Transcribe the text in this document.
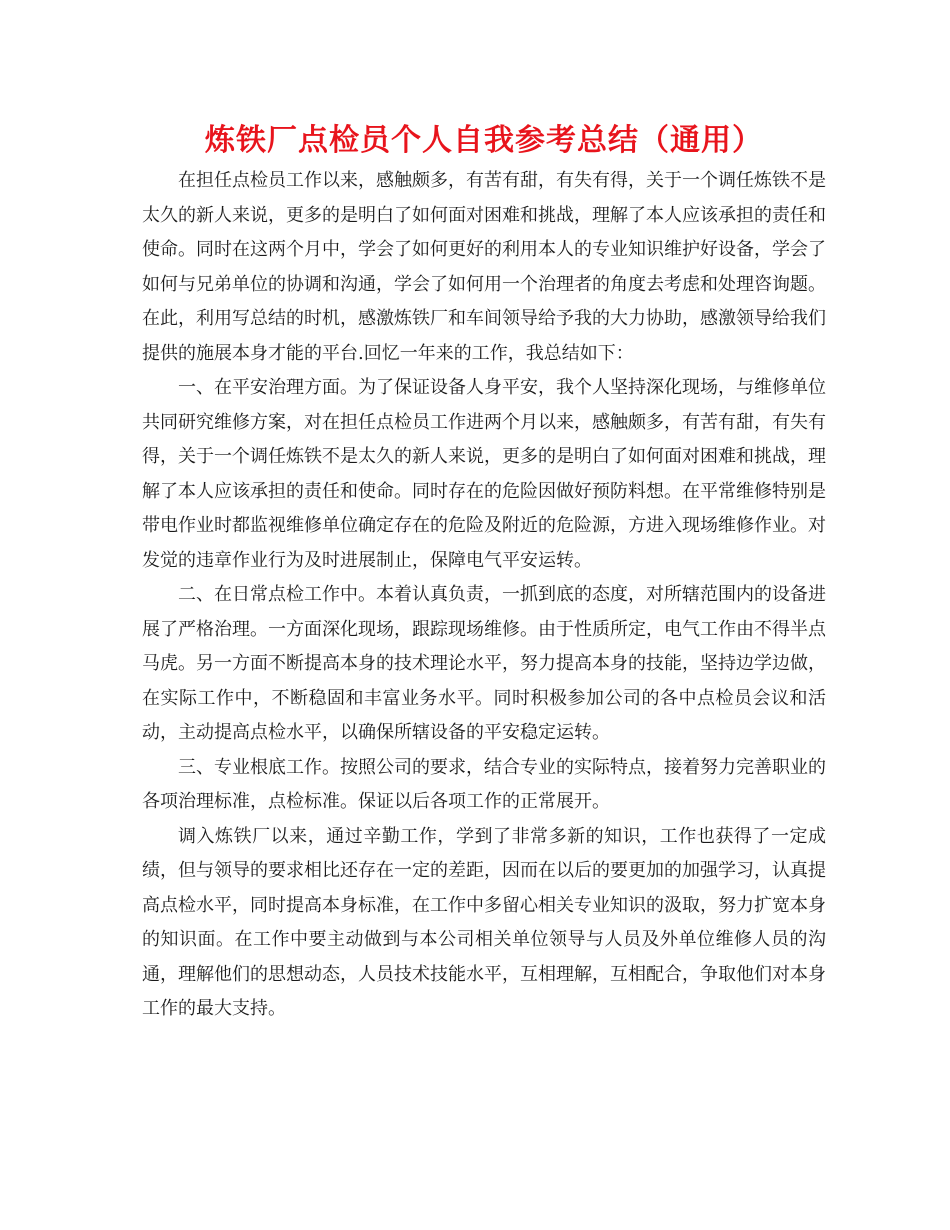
炼铁厂点检员个人自我参考总结（通用）

在担任点检员工作以来，感触颇多，有苦有甜，有失有得，关于一个调任炼铁不是太久的新人来说，更多的是明白了如何面对困难和挑战，理解了本人应该承担的责任和使命。同时在这两个月中，学会了如何更好的利用本人的专业知识维护好设备，学会了如何与兄弟单位的协调和沟通，学会了如何用一个治理者的角度去考虑和处理咨询题。在此，利用写总结的时机，感激炼铁厂和车间领导给予我的大力协助，感激领导给我们提供的施展本身才能的平台.回忆一年来的工作，我总结如下：

一、在平安治理方面。为了保证设备人身平安，我个人坚持深化现场，与维修单位共同研究维修方案，对在担任点检员工作进两个月以来，感触颇多，有苦有甜，有失有得，关于一个调任炼铁不是太久的新人来说，更多的是明白了如何面对困难和挑战，理解了本人应该承担的责任和使命。同时存在的危险因做好预防料想。在平常维修特别是带电作业时都监视维修单位确定存在的危险及附近的危险源，方进入现场维修作业。对发觉的违章作业行为及时进展制止，保障电气平安运转。

二、在日常点检工作中。本着认真负责，一抓到底的态度，对所辖范围内的设备进展了严格治理。一方面深化现场，跟踪现场维修。由于性质所定，电气工作由不得半点马虎。另一方面不断提高本身的技术理论水平，努力提高本身的技能，坚持边学边做，在实际工作中，不断稳固和丰富业务水平。同时积极参加公司的各中点检员会议和活动，主动提高点检水平，以确保所辖设备的平安稳定运转。

三、专业根底工作。按照公司的要求，结合专业的实际特点，接着努力完善职业的各项治理标准，点检标准。保证以后各项工作的正常展开。

调入炼铁厂以来，通过辛勤工作，学到了非常多新的知识，工作也获得了一定成绩，但与领导的要求相比还存在一定的差距，因而在以后的要更加的加强学习，认真提高点检水平，同时提高本身标准，在工作中多留心相关专业知识的汲取，努力扩宽本身的知识面。在工作中要主动做到与本公司相关单位领导与人员及外单位维修人员的沟通，理解他们的思想动态，人员技术技能水平，互相理解，互相配合，争取他们对本身工作的最大支持。
